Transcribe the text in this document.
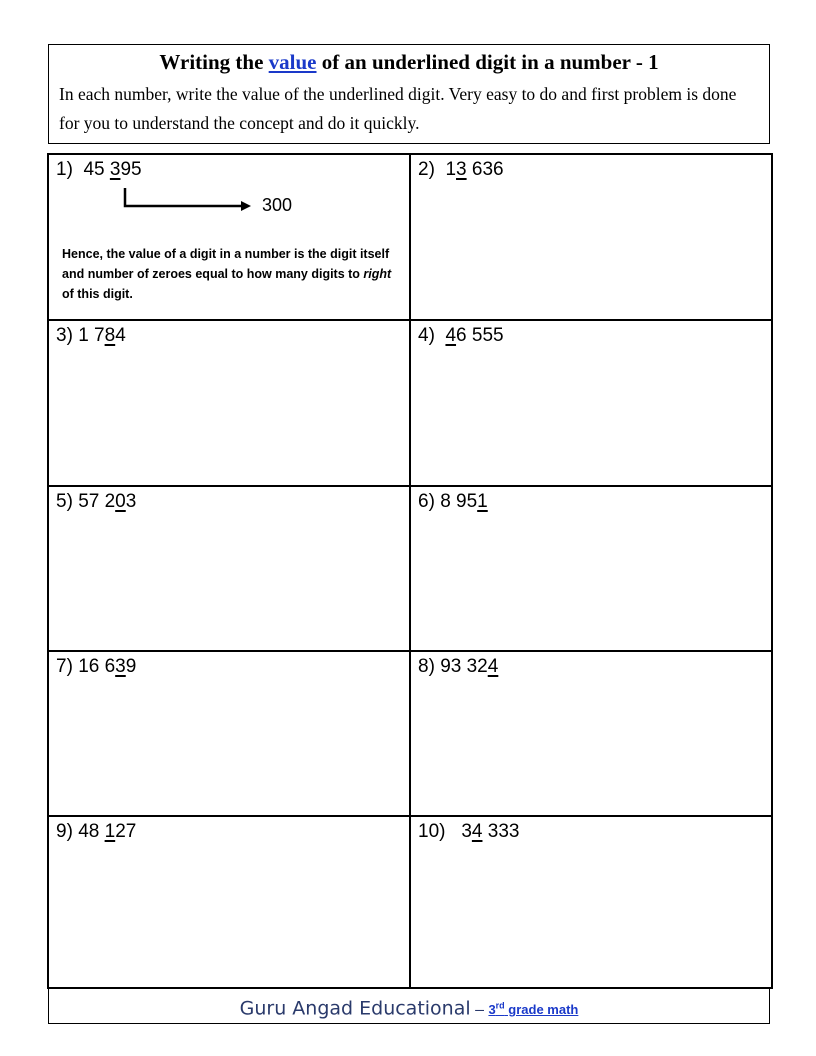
Writing the value of an underlined digit in a number - 1
In each number, write the value of the underlined digit. Very easy to do and first problem is done for you to understand the concept and do it quickly.
1)  45 395	2)  13 636
300
Hence, the value of a digit in a number is the digit itself and number of zeroes equal to how many digits to right of this digit.
3) 1 784	4)  46 555
5) 57 203	6) 8 951
7) 16 639	8) 93 324
9) 48 127	10)   34 333
Guru Angad Educational – 3rd grade math
